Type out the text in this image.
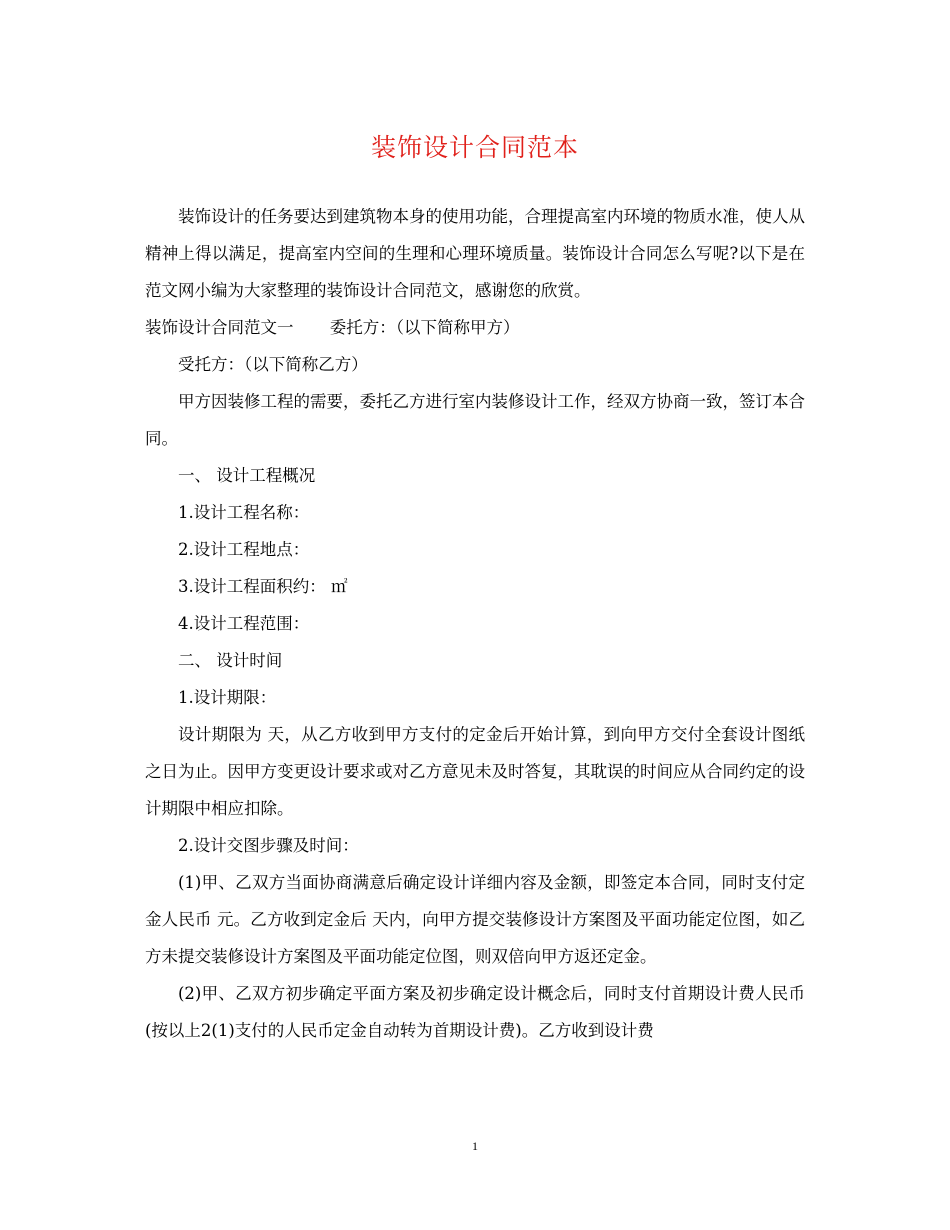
装饰设计合同范本

装饰设计的任务要达到建筑物本身的使用功能，合理提高室内环境的物质水准，使人从精神上得以满足，提高室内空间的生理和心理环境质量。装饰设计合同怎么写呢?以下是在范文网小编为大家整理的装饰设计合同范文，感谢您的欣赏。

装饰设计合同范文一 委托方：（以下简称甲方）

受托方：（以下简称乙方）

甲方因装修工程的需要，委托乙方进行室内装修设计工作，经双方协商一致，签订本合同。

一、 设计工程概况

1.设计工程名称：

2.设计工程地点：

3.设计工程面积约： ㎡

4.设计工程范围：

二、 设计时间

1.设计期限：

设计期限为 天，从乙方收到甲方支付的定金后开始计算，到向甲方交付全套设计图纸之日为止。因甲方变更设计要求或对乙方意见未及时答复，其耽误的时间应从合同约定的设计期限中相应扣除。

2.设计交图步骤及时间：

(1)甲、乙双方当面协商满意后确定设计详细内容及金额，即签定本合同，同时支付定金人民币 元。乙方收到定金后 天内，向甲方提交装修设计方案图及平面功能定位图，如乙方未提交装修设计方案图及平面功能定位图，则双倍向甲方返还定金。

(2)甲、乙双方初步确定平面方案及初步确定设计概念后，同时支付首期设计费人民币 (按以上2(1)支付的人民币定金自动转为首期设计费)。乙方收到设计费

1
